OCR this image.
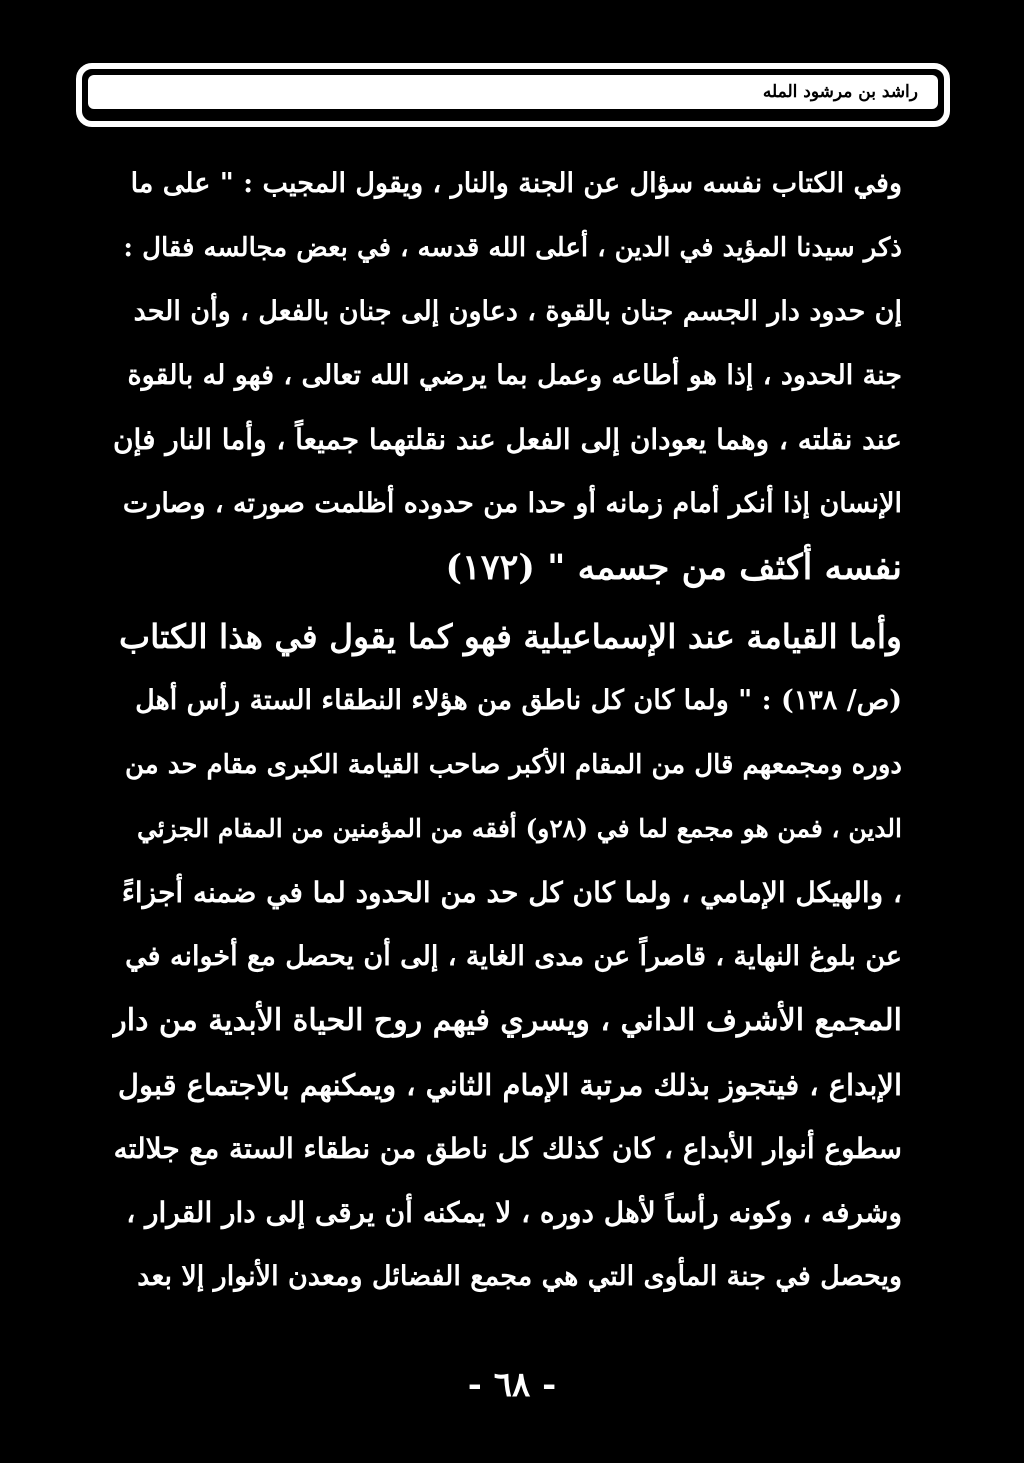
راشد بن مرشود المله
وفي الكتاب نفسه سؤال عن الجنة والنار ، ويقول المجيب : " على ما
ذكر سيدنا المؤيد في الدين ، أعلى الله قدسه ، في بعض مجالسه فقال :
إن حدود دار الجسم جنان بالقوة ، دعاون إلى جنان بالفعل ، وأن الحد
جنة الحدود ، إذا هو أطاعه وعمل بما يرضي الله تعالى ، فهو له بالقوة
عند نقلته ، وهما يعودان إلى الفعل عند نقلتهما جميعاً ، وأما النار فإن
الإنسان إذا أنكر أمام زمانه أو حدا من حدوده أظلمت صورته ، وصارت
نفسه أكثف من جسمه " (١٧٢)
وأما القيامة عند الإسماعيلية فهو كما يقول في هذا الكتاب
(ص/ ١٣٨) : " ولما كان كل ناطق من هؤلاء النطقاء الستة رأس أهل
دوره ومجمعهم قال من المقام الأكبر صاحب القيامة الكبرى مقام حد من
الدين ، فمن هو مجمع لما في (٢٨و) أفقه من المؤمنين من المقام الجزئي
، والهيكل الإمامي ، ولما كان كل حد من الحدود لما في ضمنه أجزاءً
عن بلوغ النهاية ، قاصراً عن مدى الغاية ، إلى أن يحصل مع أخوانه في
المجمع الأشرف الداني ، ويسري فيهم روح الحياة الأبدية من دار
الإبداع ، فيتجوز بذلك مرتبة الإمام الثاني ، ويمكنهم بالاجتماع قبول
سطوع أنوار الأبداع ، كان كذلك كل ناطق من نطقاء الستة مع جلالته
وشرفه ، وكونه رأساً لأهل دوره ، لا يمكنه أن يرقى إلى دار القرار ،
ويحصل في جنة المأوى التي هي مجمع الفضائل ومعدن الأنوار إلا بعد
- ٦٨ -
